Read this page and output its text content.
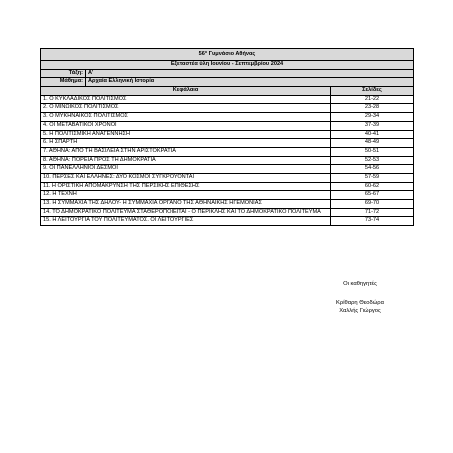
$56^o$ Γυμνάσιο Αθήνας		
Εξεταστέα ύλη Ιουνίου - Σεπτεμβρίου 2024		
Τάξη:	Α'	
Μάθημα:	Αρχαία Ελληνική Ιστορία	
Κεφάλαια		Σελίδες
1. Ο ΚΥΚΛΑΔΙΚΟΣ ΠΟΛΙΤΙΣΜΟΣ		21-22
2. Ο ΜΙΝΩΙΚΟΣ ΠΟΛΙΤΙΣΜΟΣ		23-28
3. Ο ΜΥΚΗΝΑΪΚΟΣ ΠΟΛΙΤΙΣΜΟΣ		29-34
4. ΟΙ ΜΕΤΑΒΑΤΙΚΟΙ ΧΡΟΝΟΙ		37-39
5. Η ΠΟΛΙΤΙΣΜΙΚΗ ΑΝΑΓΕΝΝΗΣΗ		40-41
6. Η ΣΠΑΡΤΗ		48-49
7. ΑΘΗΝΑ: ΑΠΟ ΤΗ ΒΑΣΙΛΕΙΑ ΣΤΗΝ ΑΡΙΣΤΟΚΡΑΤΙΑ		50-51
8. ΑΘΗΝΑ: ΠΟΡΕΙΑ ΠΡΟΣ ΤΗ ΔΗΜΟΚΡΑΤΙΑ		52-53
9. ΟΙ ΠΑΝΕΛΛΗΝΙΟΙ ΔΕΣΜΟΙ		54-56
10. ΠΕΡΣΕΣ ΚΑΙ ΕΛΛΗΝΕΣ: ΔΥΟ ΚΟΣΜΟΙ ΣΥΓΚΡΟΥΟΝΤΑΙ		57-59
11. Η ΟΡΙΣΤΙΚΗ ΑΠΟΜΑΚΡΥΝΣΗ ΤΗΣ ΠΕΡΣΙΚΗΣ ΕΠΙΘΕΣΗΣ		60-62
12. Η ΤΕΧΝΗ		65-67
13. Η ΣΥΜΜΑΧΙΑ ΤΗΣ ΔΗΛΟΥ- Η ΣΥΜΜΑΧΙΑ ΟΡΓΑΝΟ ΤΗΣ ΑΘΗΝΑΪΚΗΣ ΗΓΕΜΟΝΙΑΣ		69-70
14. ΤΟ ΔΗΜΟΚΡΑΤΙΚΟ ΠΟΛΙΤΕΥΜΑ ΣΤΑΘΕΡΟΠΟΙΕΙΤΑΙ - Ο ΠΕΡΙΚΛΗΣ ΚΑΙ ΤΟ ΔΗΜΟΚΡΑΤΙΚΟ ΠΟΛΙΤΕΥΜΑ		71-72
15. Η ΛΕΙΤΟΥΡΓΙΑ ΤΟΥ ΠΟΛΙΤΕΥΜΑΤΟΣ. ΟΙ ΛΕΙΤΟΥΡΓΙΕΣ		73-74
Οι καθηγητές
Κρίθαρη Θεοδώρα
Χαλλής Γιώργος
